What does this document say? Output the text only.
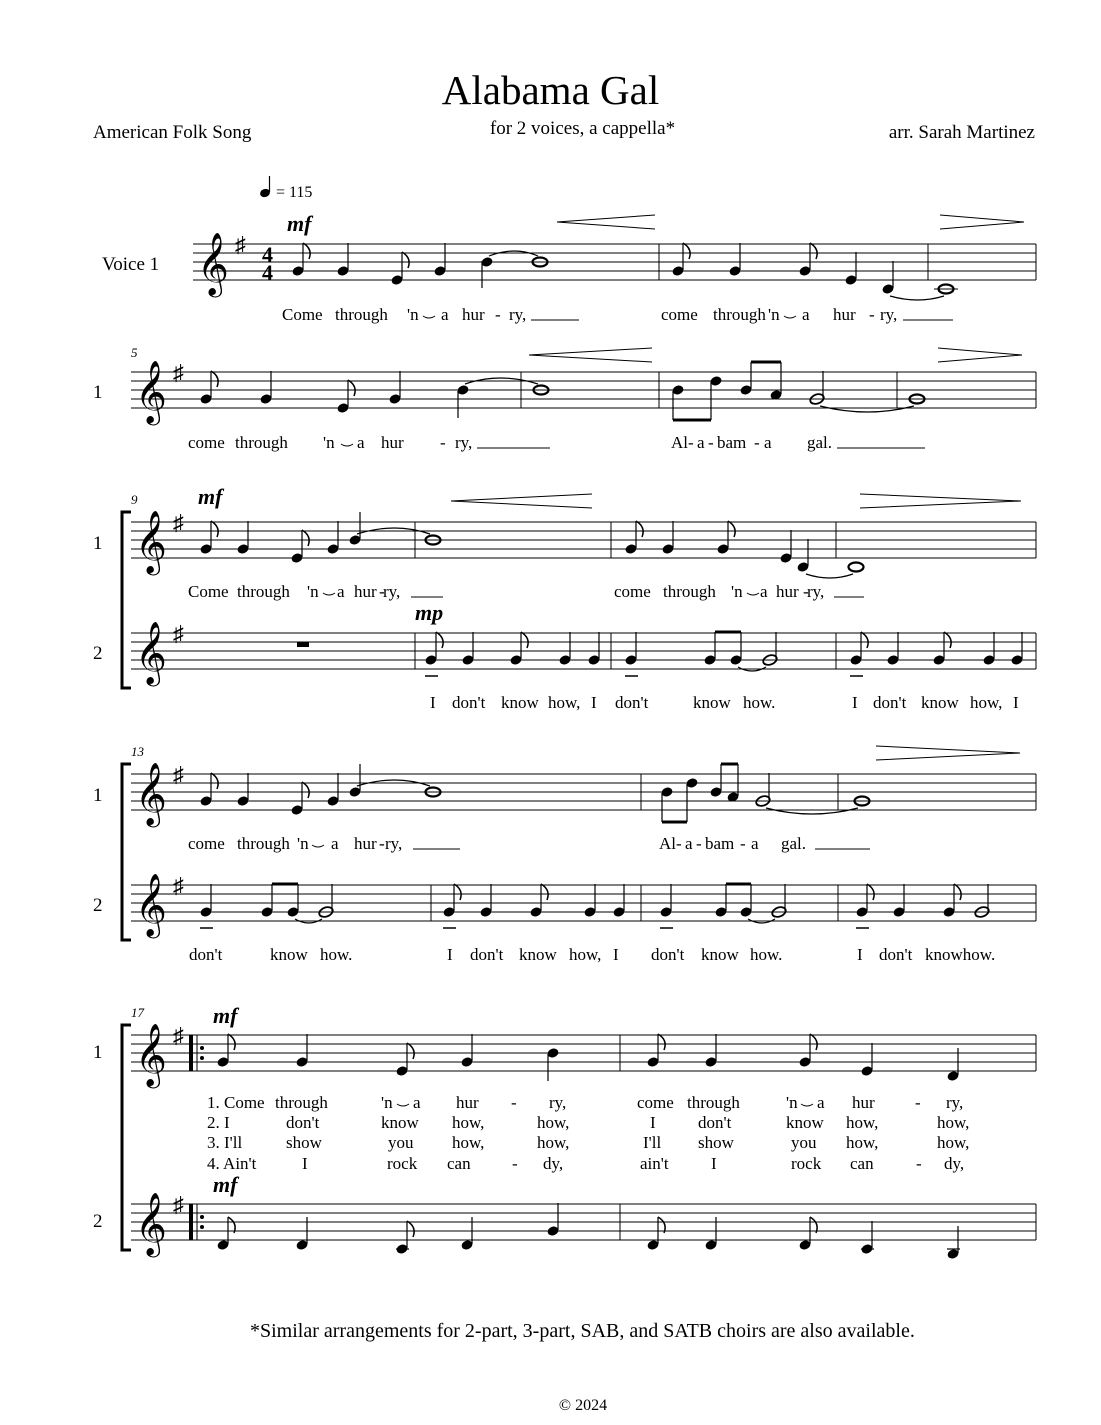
Alabama Gal
American Folk Song	for 2 voices, a cappella*	arr. Sarah Martinez
= 115
Voice 1 𝄞 ♯ 4
4
mf
Come through 'n a hur - ry,	come through 'n a hur - ry,
5
1 𝄞 ♯
come through 'n a hur - ry,	Al - a - bam - a gal.
9
1
2
𝄞
𝄞
♯
♯
mf
mp
Come through 'n a hur -
ry,	come through 'n a hur -
ry,
I don't know how, I don't	know how.	I don't know how, I
13
1
2
𝄞
𝄞
♯
♯
come through 'n a hur - ry,	Al - a - bam - a gal.
don't	know how.	I don't know how, I don't know how.	I don't knowhow.
17
1
2
𝄞
𝄞
♯
♯
mf
mf
1. Come through	'n a hur - ry,	come through	'n a hur - ry,
2. I	don't	know how,	how,	I don't	know how,	how,
3. I'll	show	you how,	how,	I'll show	you how,	how,
4. Ain't	I	rock can - dy,	ain't I	rock can - dy,
*Similar arrangements for 2-part, 3-part, SAB, and SATB choirs are also available.
© 2024
